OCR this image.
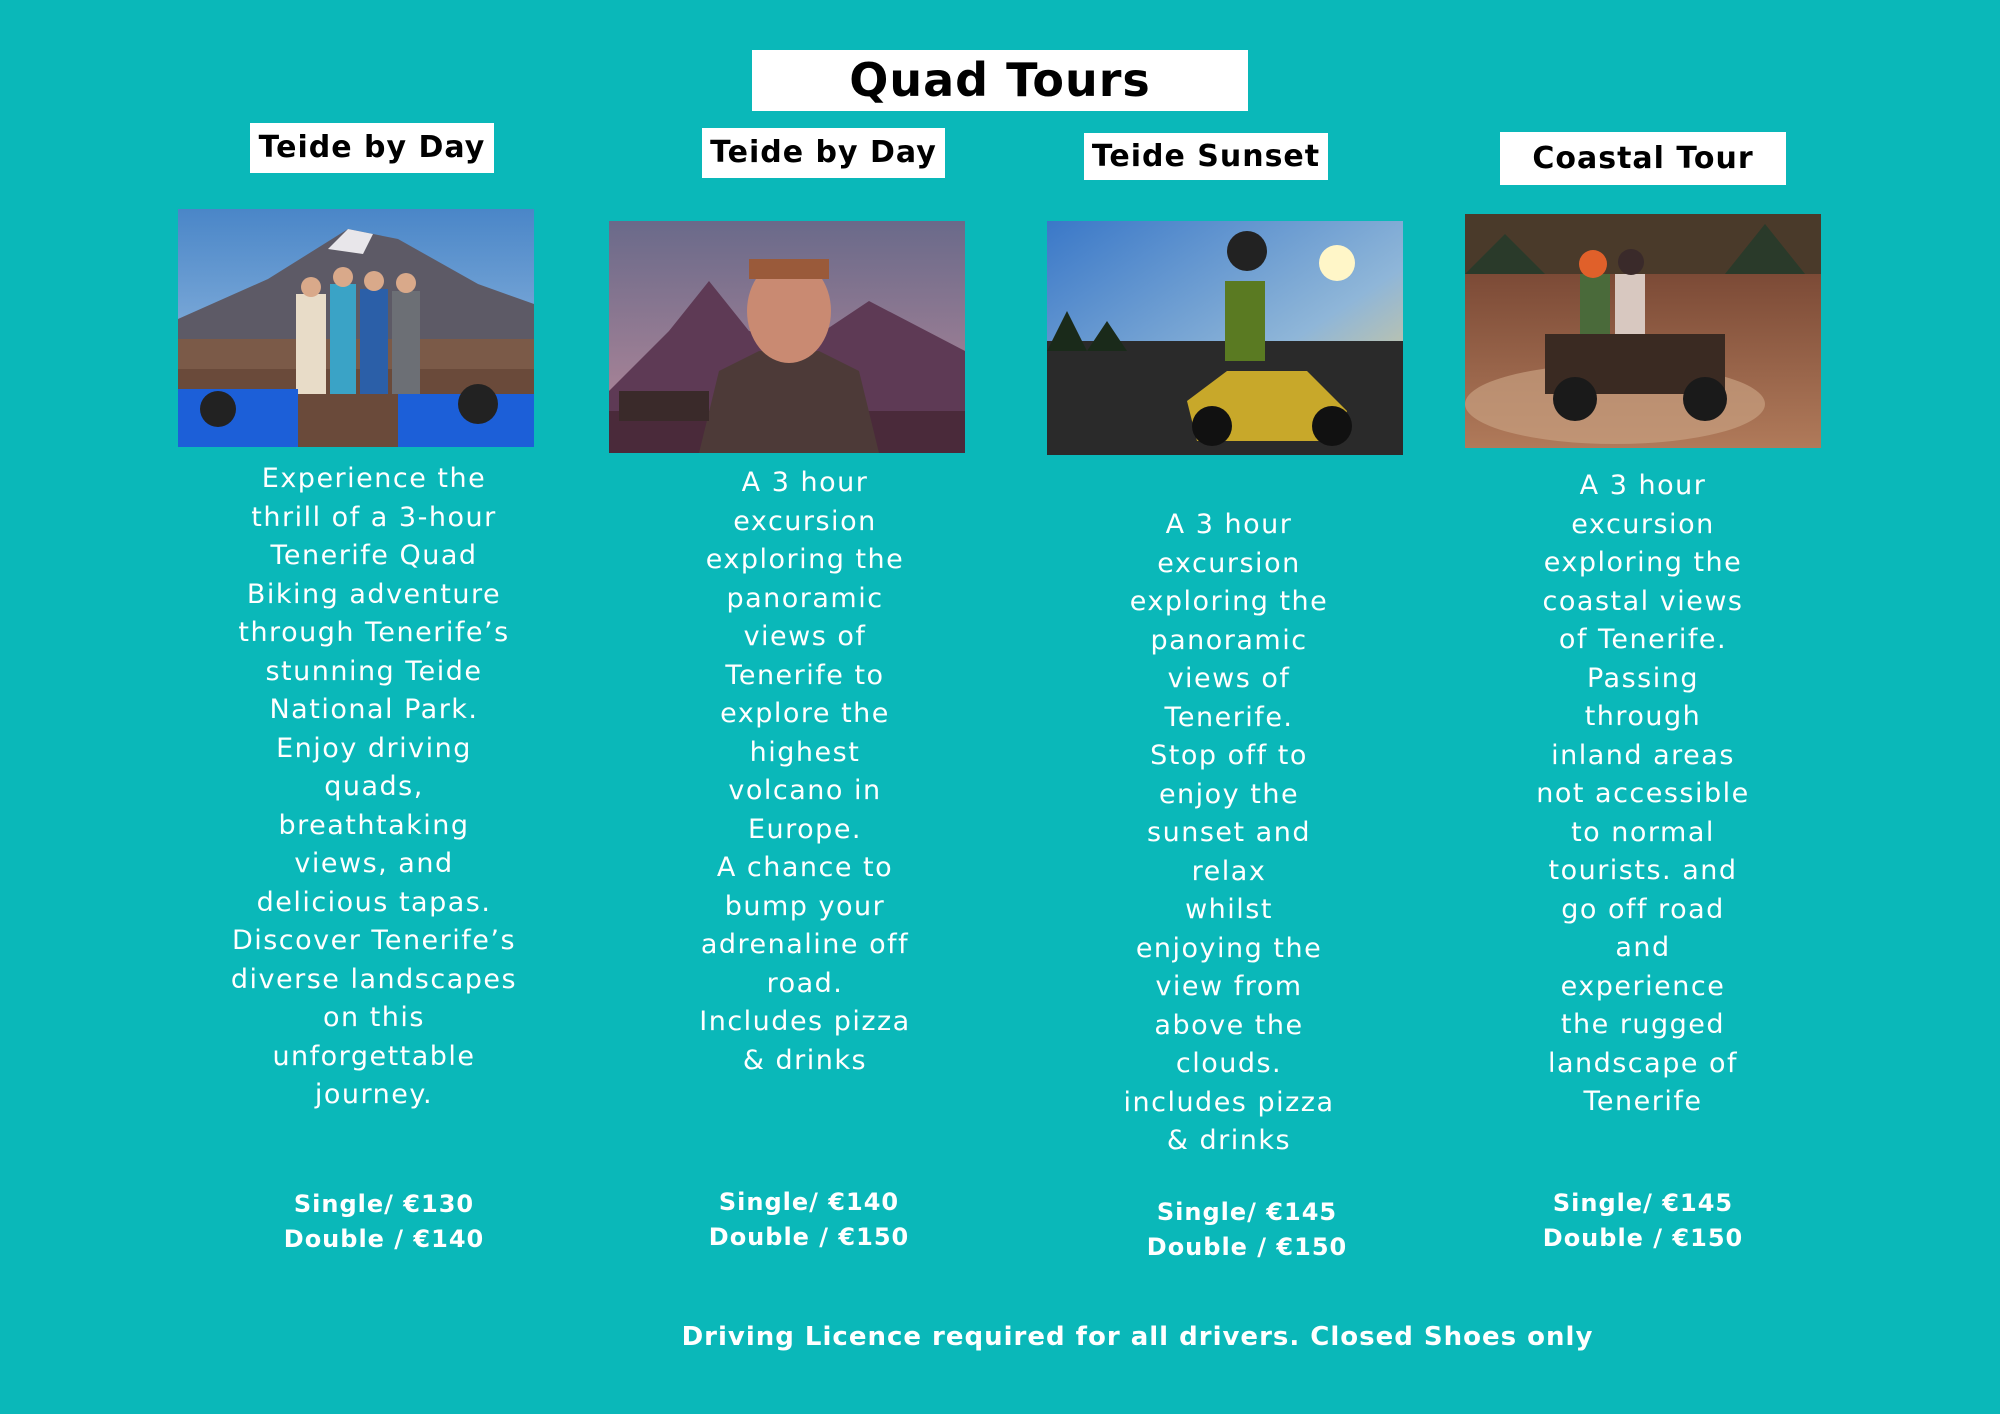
Quad Tours
Teide by Day
Experience the
thrill of a 3-hour
Tenerife Quad
Biking adventure
through Tenerife’s
stunning Teide
National Park.
Enjoy driving
quads,
breathtaking
views, and
delicious tapas.
Discover Tenerife’s
diverse landscapes
on this
unforgettable
journey.
Single/ €130
Double / €140
Teide by Day
A 3 hour
excursion
exploring the
panoramic
views of
Tenerife to
explore the
highest
volcano in
Europe.
A chance to
bump your
adrenaline off
road.
Includes pizza
& drinks
Single/ €140
Double / €150
Teide Sunset
A 3 hour
excursion
exploring the
panoramic
views of
Tenerife.
Stop off to
enjoy the
sunset and
relax
whilst
enjoying the
view from
above the
clouds.
includes pizza
& drinks
Single/ €145
Double / €150
Coastal Tour
A 3 hour
excursion
exploring the
coastal views
of Tenerife.
Passing
through
inland areas
not accessible
to normal
tourists. and
go off road
and
experience
the rugged
landscape of
Tenerife
Single/ €145
Double / €150
Driving Licence required for all drivers. Closed Shoes only
